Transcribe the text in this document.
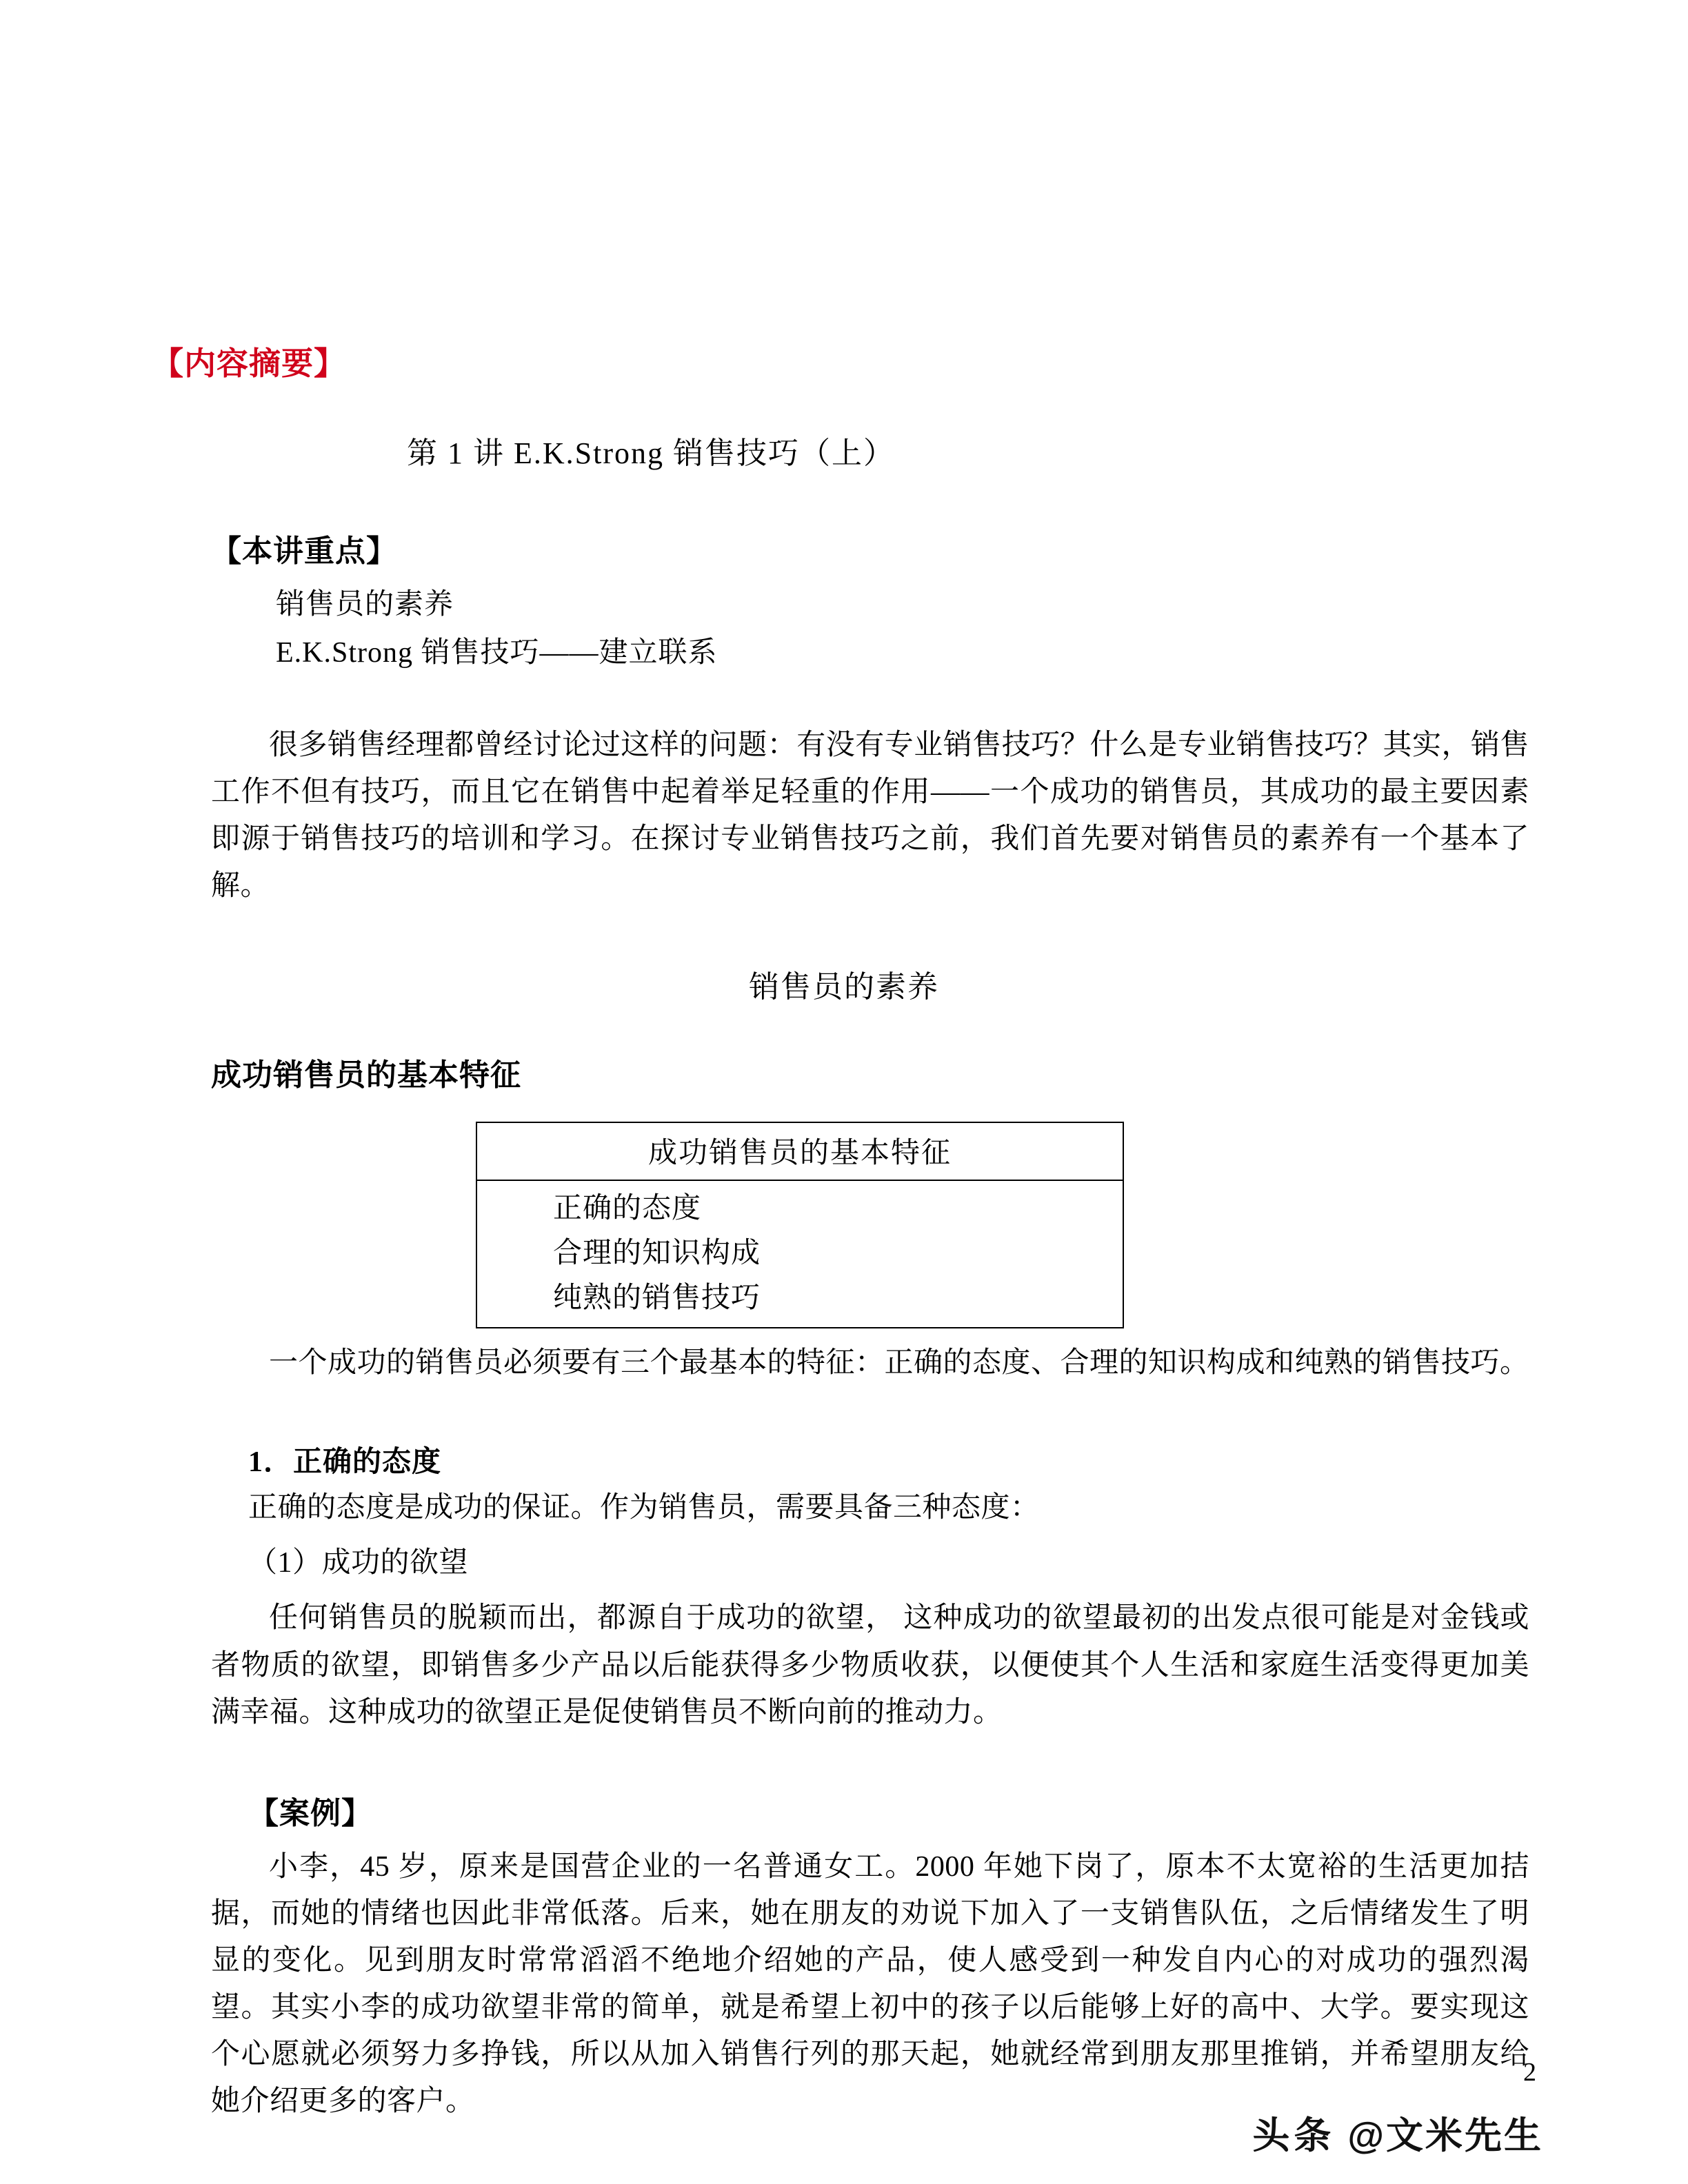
【内容摘要】
第 1 讲 E.K.Strong 销售技巧（上）
【本讲重点】
销售员的素养
E.K.Strong 销售技巧——建立联系
很多销售经理都曾经讨论过这样的问题：有没有专业销售技巧？什么是专业销售技巧？其实，销售工作不但有技巧，而且它在销售中起着举足轻重的作用——一个成功的销售员，其成功的最主要因素即源于销售技巧的培训和学习。在探讨专业销售技巧之前，我们首先要对销售员的素养有一个基本了解。
销售员的素养
成功销售员的基本特征
成功销售员的基本特征
正确的态度
合理的知识构成
纯熟的销售技巧
一个成功的销售员必须要有三个最基本的特征：正确的态度、合理的知识构成和纯熟的销售技巧。
1．正确的态度
正确的态度是成功的保证。作为销售员，需要具备三种态度：
（1）成功的欲望
任何销售员的脱颖而出，都源自于成功的欲望， 这种成功的欲望最初的出发点很可能是对金钱或者物质的欲望，即销售多少产品以后能获得多少物质收获，以便使其个人生活和家庭生活变得更加美满幸福。这种成功的欲望正是促使销售员不断向前的推动力。
【案例】
小李，45 岁，原来是国营企业的一名普通女工。2000 年她下岗了，原本不太宽裕的生活更加拮据，而她的情绪也因此非常低落。后来，她在朋友的劝说下加入了一支销售队伍，之后情绪发生了明显的变化。见到朋友时常常滔滔不绝地介绍她的产品，使人感受到一种发自内心的对成功的强烈渴望。其实小李的成功欲望非常的简单，就是希望上初中的孩子以后能够上好的高中、大学。要实现这个心愿就必须努力多挣钱，所以从加入销售行列的那天起，她就经常到朋友那里推销，并希望朋友给她介绍更多的客户。
2
头条 @文米先生
